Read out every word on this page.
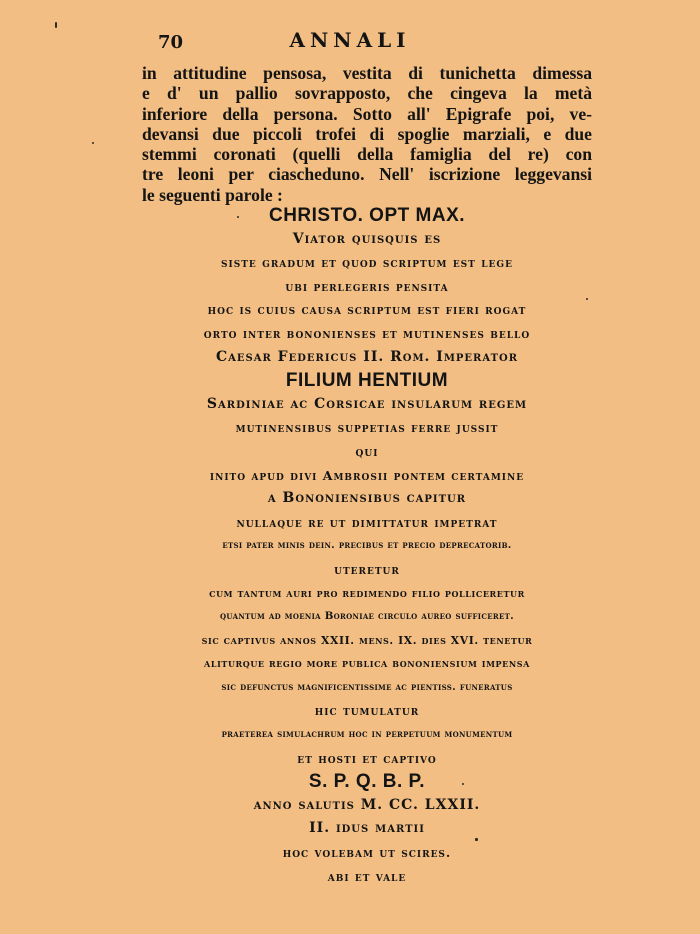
70	ANNALI
in attitudine pensosa, vestita di tunichetta dimessa
e d' un pallio sovrapposto, che cingeva la metà
inferiore della persona. Sotto all' Epigrafe poi, ve-
devansi due piccoli trofei di spoglie marziali, e due
stemmi coronati (quelli della famiglia del re) con
tre leoni per ciascheduno. Nell' iscrizione leggevansi
le seguenti parole :
CHRISTO. OPT MAX.
Viator quisquis es
siste gradum et quod scriptum est lege
ubi perlegeris pensita
hoc is cuius causa scriptum est fieri rogat
orto inter bononienses et mutinenses bello
Caesar Federicus II. Rom. Imperator
FILIUM HENTIUM
Sardiniae ac Corsicae insularum regem
mutinensibus suppetias ferre jussit
qui
inito apud divi Ambrosii pontem certamine
a Bononiensibus capitur
nullaque re ut dimittatur impetrat
etsi pater minis dein. precibus et precio deprecatorib.
uteretur
cum tantum auri pro redimendo filio polliceretur
quantum ad moenia Boroniae circulo aureo sufficeret.
sic captivus annos XXII. mens. IX. dies XVI. tenetur
aliturque regio more publica bononiensium impensa
sic defunctus magnificentissime ac pientiss. funeratus
hic tumulatur
praeterea simulachrum hoc in perpetuum monumentum
et hosti et captivo
S. P. Q. B. P.
anno salutis M. CC. LXXII.
II. idus martii
hoc volebam ut scires.
abi et vale
